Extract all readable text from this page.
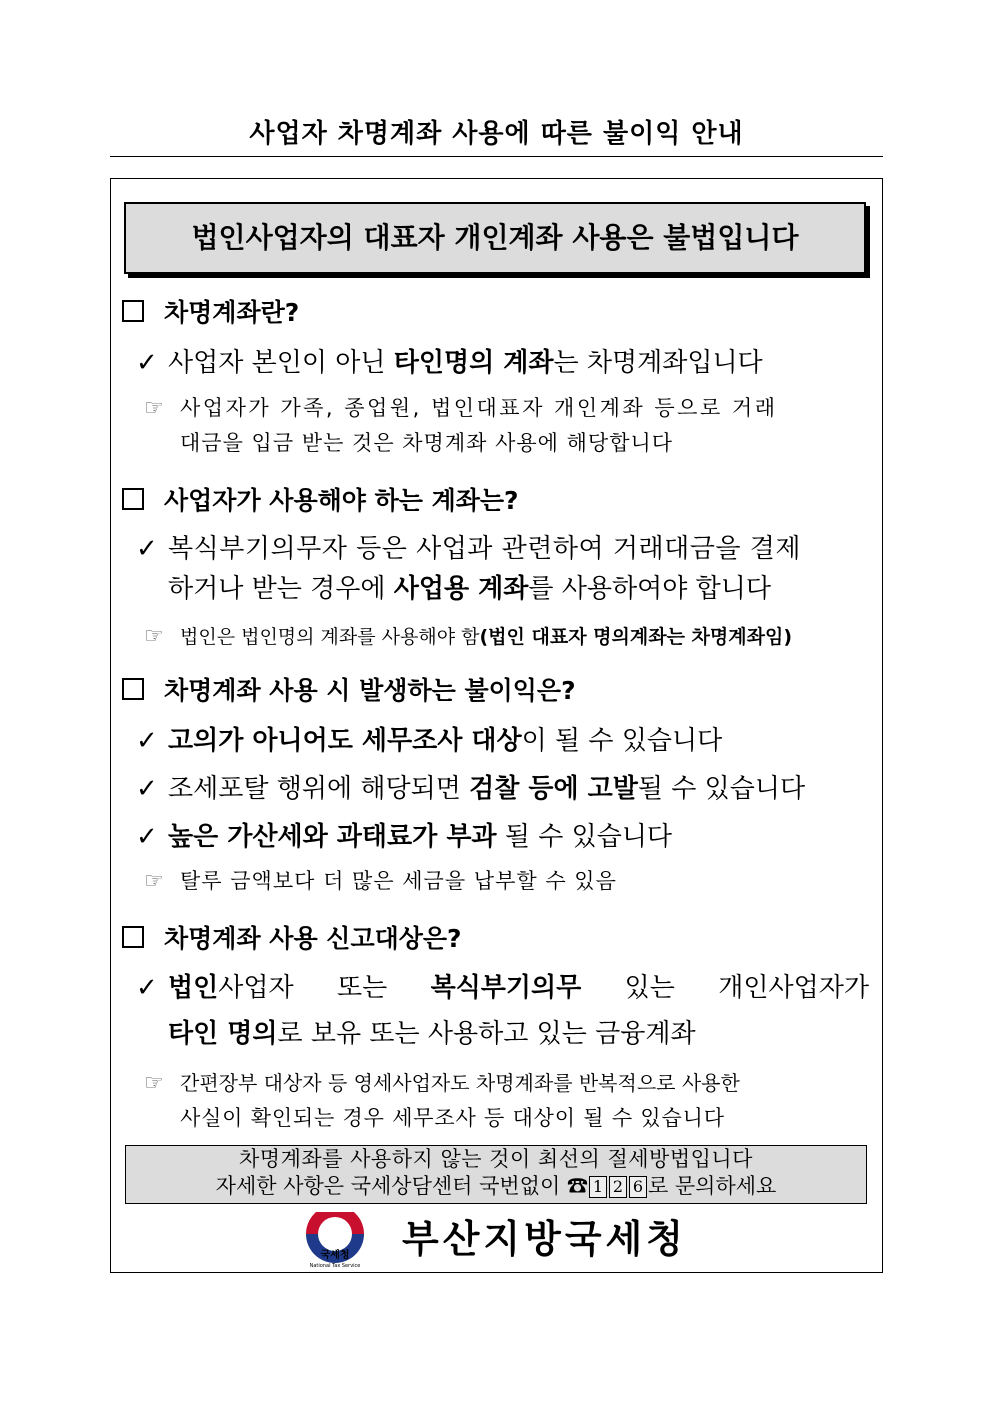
사업자 차명계좌 사용에 따른 불이익 안내
법인사업자의 대표자 개인계좌 사용은 불법입니다
차명계좌란?
✓ 사업자 본인이 아닌 타인명의 계좌는 차명계좌입니다
☞ 사업자가 가족, 종업원, 법인대표자 개인계좌 등으로 거래
대금을 입금 받는 것은 차명계좌 사용에 해당합니다
사업자가 사용해야 하는 계좌는?
✓ 복식부기의무자 등은 사업과 관련하여 거래대금을 결제
하거나 받는 경우에 사업용 계좌를 사용하여야 합니다
☞ 법인은 법인명의 계좌를 사용해야 함(법인 대표자 명의계좌는 차명계좌임)
차명계좌 사용 시 발생하는 불이익은?
✓ 고의가 아니어도 세무조사 대상이 될 수 있습니다
✓ 조세포탈 행위에 해당되면 검찰 등에 고발될 수 있습니다
✓ 높은 가산세와 과태료가 부과 될 수 있습니다
☞ 탈루 금액보다 더 많은 세금을 납부할 수 있음
차명계좌 사용 신고대상은?
✓ 법인사업자 또는 복식부기의무 있는 개인사업자가
타인 명의로 보유 또는 사용하고 있는 금융계좌
☞ 간편장부 대상자 등 영세사업자도 차명계좌를 반복적으로 사용한
사실이 확인되는 경우 세무조사 등 대상이 될 수 있습니다
차명계좌를 사용하지 않는 것이 최선의 절세방법입니다
자세한 사항은 국세상담센터 국번없이 ☎ 1 2 6 로 문의하세요
국세청
National Tax Service
부산지방국세청
